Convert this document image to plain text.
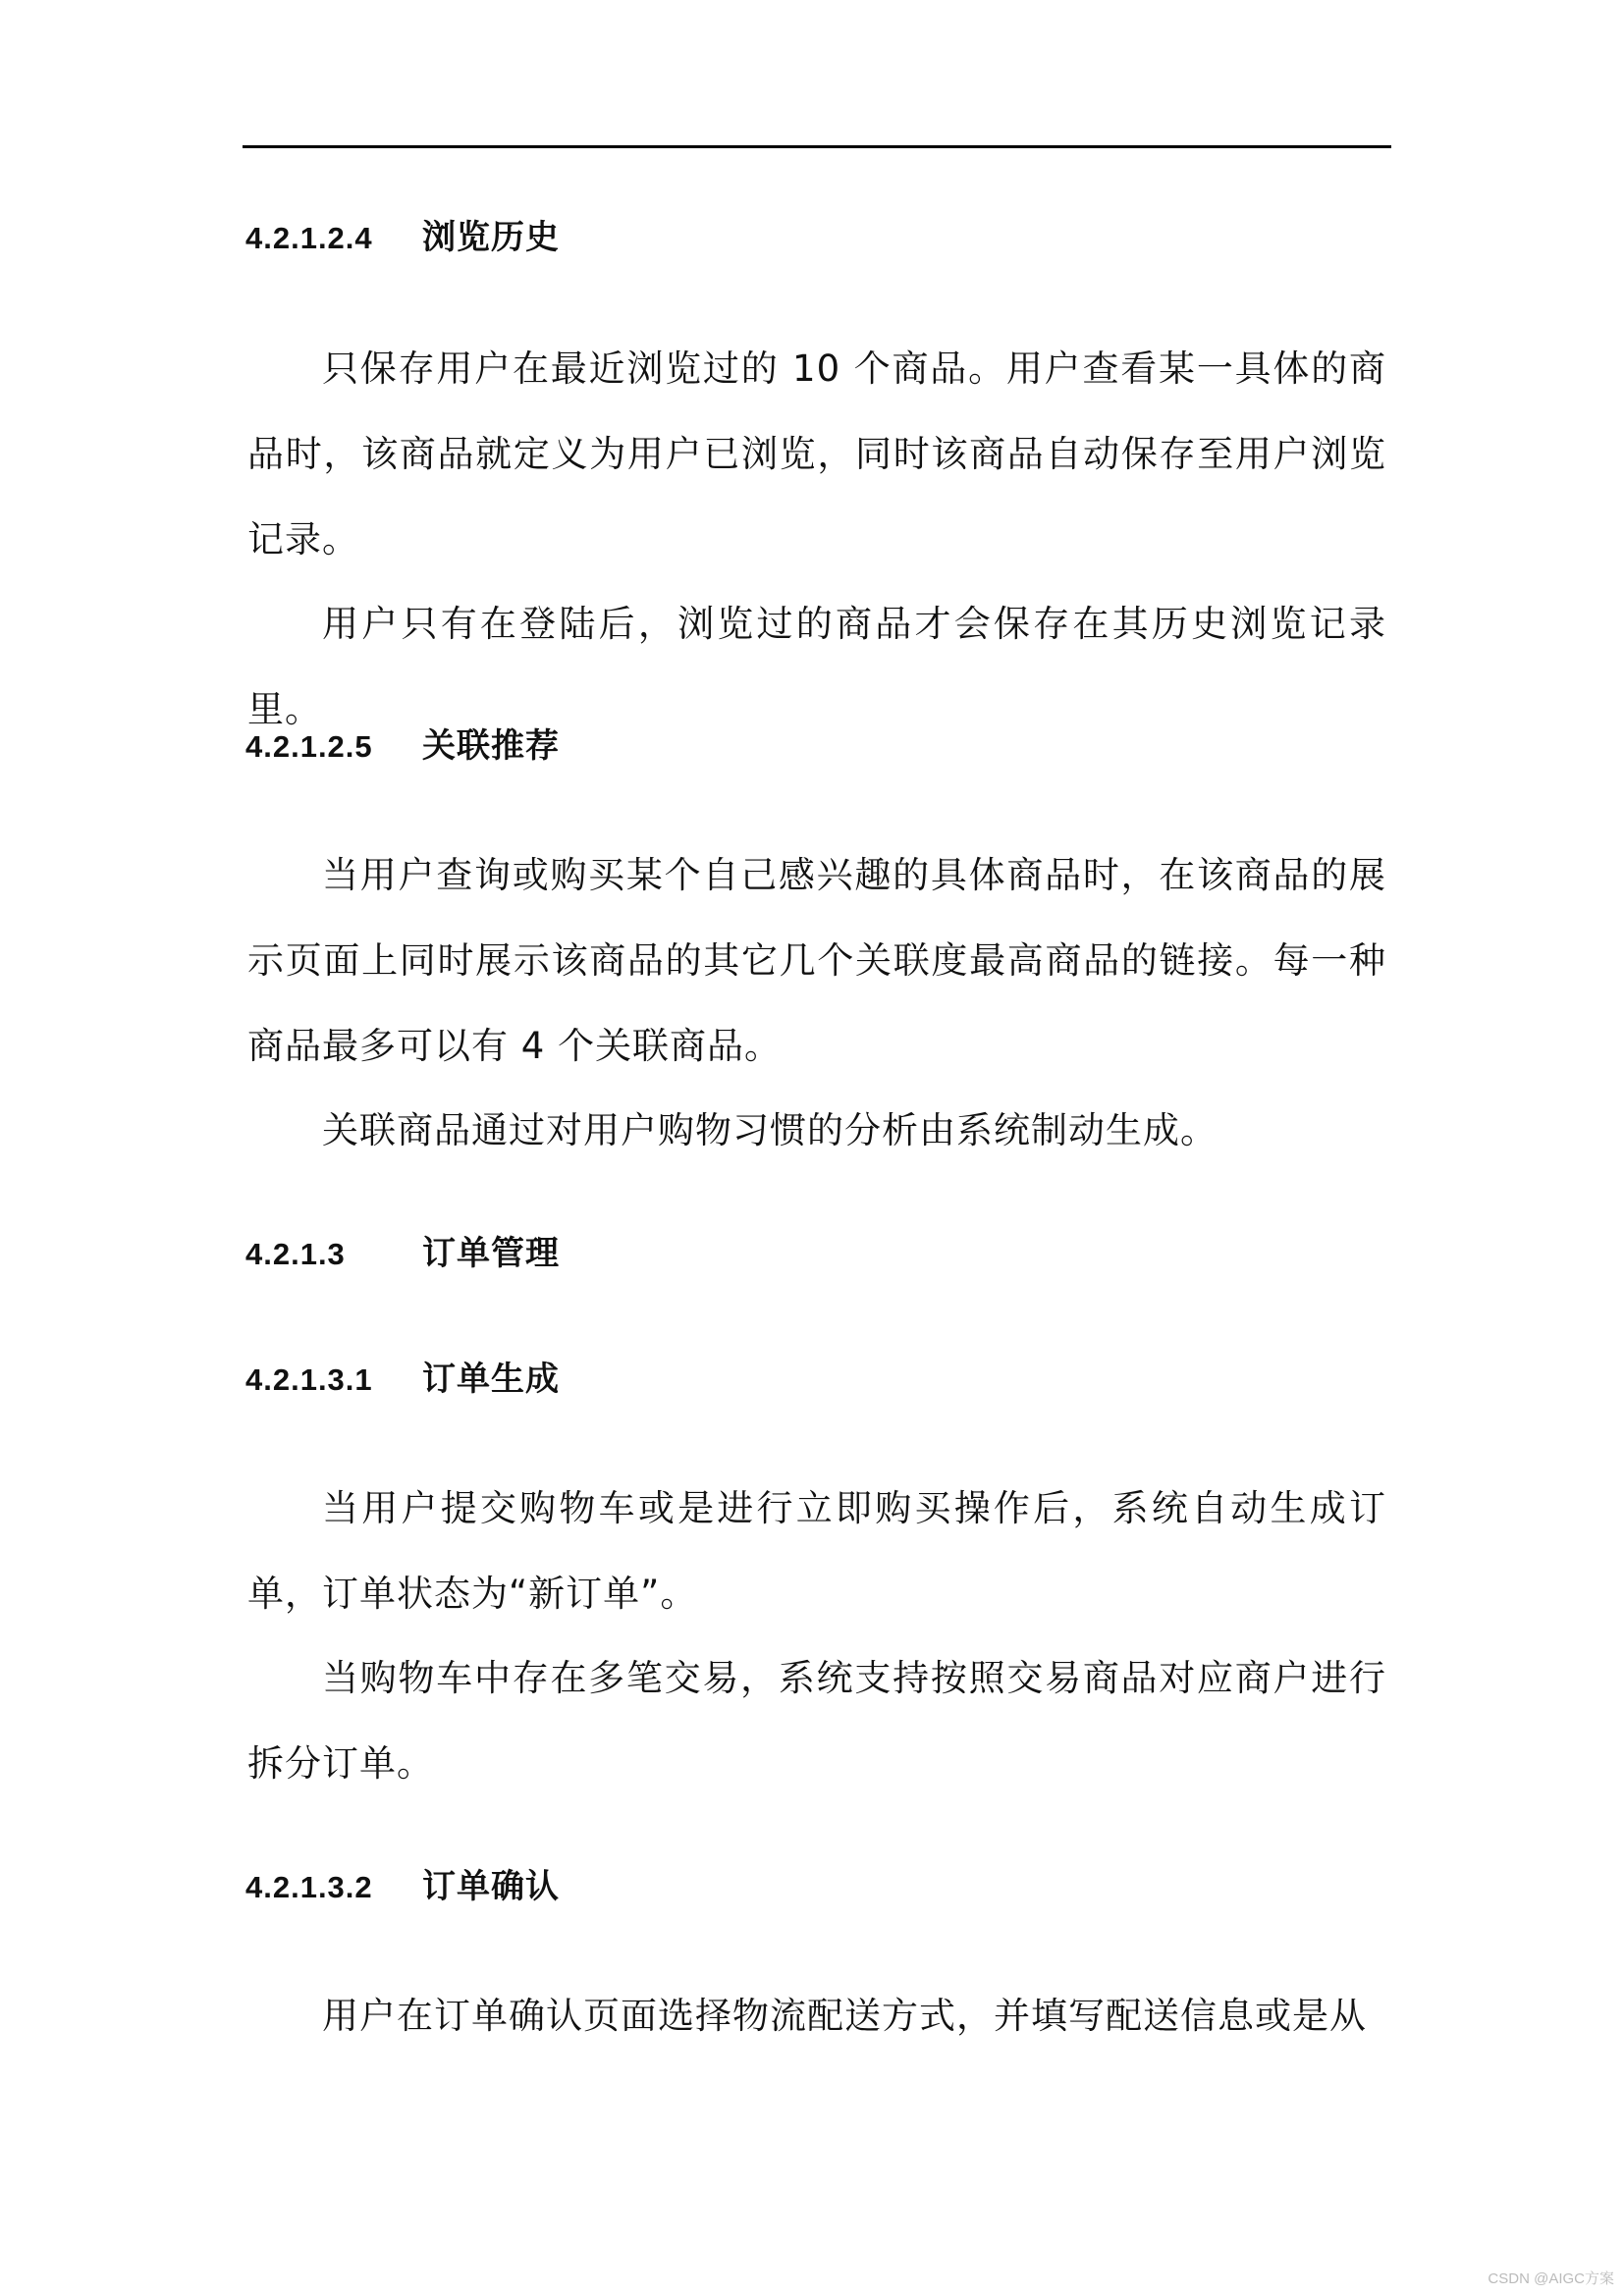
4.2.1.2.4 浏览历史

只保存用户在最近浏览过的 10 个商品。用户查看某一具体的商品时，该商品就定义为用户已浏览，同时该商品自动保存至用户浏览记录。

用户只有在登陆后，浏览过的商品才会保存在其历史浏览记录里。

4.2.1.2.5 关联推荐

当用户查询或购买某个自己感兴趣的具体商品时，在该商品的展示页面上同时展示该商品的其它几个关联度最高商品的链接。每一种商品最多可以有 4 个关联商品。

关联商品通过对用户购物习惯的分析由系统制动生成。

4.2.1.3 订单管理
4.2.1.3.1 订单生成

当用户提交购物车或是进行立即购买操作后，系统自动生成订单，订单状态为“新订单”。

当购物车中存在多笔交易，系统支持按照交易商品对应商户进行拆分订单。

4.2.1.3.2 订单确认

用户在订单确认页面选择物流配送方式，并填写配送信息或是从

CSDN @AIGC方案
